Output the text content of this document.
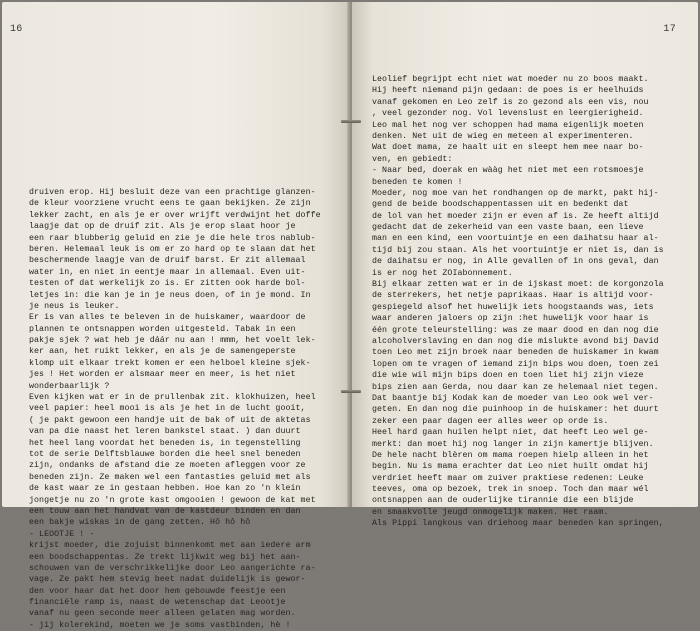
16
druiven erop. Hij besluit deze van een prachtige glanzen-
de kleur voorziene vrucht eens te gaan bekijken. Ze zijn
lekker zacht, en als je er over wrijft verdwijnt het doffe
laagje dat op de druif zit. Als je erop slaat hoor je
een raar blubberig geluid en zie je die hele tros nablub-
beren. Helemaal leuk is om er zo hard op te slaan dat het
beschermende laagje van de druif barst. Er zit allemaal
water in, en niet in eentje maar in allemaal. Even uit-
testen of dat werkelijk zo is. Er zitten ook harde bol-
letjes in: die kan je in je neus doen, of in je mond. In
je neus is leuker.
Er is van alles te beleven in de huiskamer, waardoor de
plannen te ontsnappen worden uitgesteld. Tabak in een
pakje sjek ? wat heb je dáár nu aan ! mmm, het voelt lek-
ker aan, het ruikt lekker, en als je de samengeperste
klomp uit elkaar trekt komen er een helboel kleine sjek-
jes ! Het worden er alsmaar meer en meer, is het niet
wonderbaarlijk ?
Even kijken wat er in de prullenbak zit. klokhuizen, heel
veel papier: heel mooi is als je het in de lucht gooit,
( je pakt gewoon een handje uit de bak of uit de aktetas
van pa die naast het leren bankstel staat. ) dan duurt
het heel lang voordat het beneden is, in tegenstelling
tot de serie Delftsblauwe borden die heel snel beneden
zijn, ondanks de afstand die ze moeten afleggen voor ze
beneden zijn. Ze maken wel een fantasties geluid met als
de kast waar ze in gestaan hebben. Hoe kan zo 'n klein
jongetje nu zo 'n grote kast omgooien ! gewoon de kat met
een touw aan het handvat van de kastdeur binden en dan
een bakje wiskas in de gang zetten. Hô hô hô
- LEOOTJE ! -
krijst moeder, die zojuist binnenkomt met aan iedere arm
een boodschappentas. Ze trekt lijkwit weg bij het aan-
schouwen van de verschrikkelijke door Leo aangerichte ra-
vage. Ze pakt hem stevig beet nadat duidelijk is gewor-
den voor haar dat het door hem gebouwde feestje een
financiële ramp is, naast de wetenschap dat Leootje
vanaf nu geen seconde meer alleen gelaten mag worden.
- jij kolerekind, moeten we je soms vastbinden, hè !
17
Leolief begrijpt echt niet wat moeder nu zo boos maakt.
Hij heeft niemand pijn gedaan: de poes is er heelhuids
vanaf gekomen en Leo zelf is zo gezond als een vis, nou
, veel gezonder nog. Vol levenslust en leergierigheid.
Leo mal het nog ver schoppen had mama eigenlijk moeten
denken. Net uit de wieg en meteen al experimenteren.
Wat doet mama, ze haalt uit en sleept hem mee naar bo-
ven, en gebiedt:
- Naar bed, doerak en wààg het niet met een rotsmoesje
beneden te komen !
Moeder, nog moe van het rondhangen op de markt, pakt hij-
gend de beide boodschappentassen uit en bedenkt dat
de lol van het moeder zijn er even af is. Ze heeft altijd
gedacht dat de zekerheid van een vaste baan, een lieve
man en een kind, een voortuintje en een daihatsu haar al-
tijd bij zou staan. Als het voortuintje er niet is, dan is
de daihatsu er nog, in Alle gevallen of in ons geval, dan
is er nog het ZOIabonnement.
Bij elkaar zetten wat er in de ijskast moet: de korgonzola
de sterrekers, het netje paprikaas. Haar is altijd voor-
gespiegeld alsof het huwelijk iets hoogstaands was, iets
waar anderen jaloers op zijn :het huwelijk voor haar is
één grote teleurstelling: was ze maar dood en dan nog die
alcoholverslaving en dan nog die mislukte avond bij David
toen Leo met zijn broek naar beneden de huiskamer in kwam
lopen om te vragen of iemand zijn bips wou doen, toen zei
die wie wil mijn bips doen en toen liet hij zijn vieze
bips zien aan Gerda, nou daar kan ze helemaal niet tegen.
Dat baantje bij Kodak kan de moeder van Leo ook wel ver-
geten. En dan nog die puinhoop in de huiskamer: het duurt
zeker een paar dagen eer alles weer op orde is.
Heel hard gaan huilen helpt niet, dat heeft Leo wel ge-
merkt: dan moet hij nog langer in zijn kamertje blijven.
De hele nacht blèren om mama roepen hielp alleen in het
begin. Nu is mama erachter dat Leo niet huilt omdat hij
verdriet heeft maar om zuiver praktiese redenen: Leuke
teeves, oma op bezoek, trek in snoep. Toch dan maar wél
ontsnappen aan de ouderlijke tirannie die een blijde
en smaakvolle jeugd onmogelijk maken. Het raam.
Als Pippi langkous van driehoog maar beneden kan springen,
